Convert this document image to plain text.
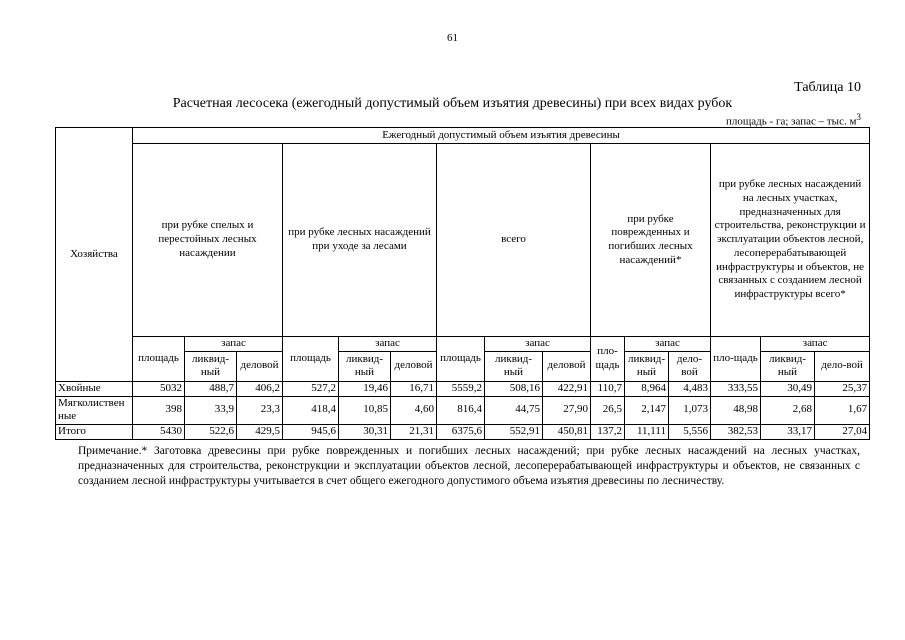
61
Таблица 10
Расчетная лесосека (ежегодный допустимый объем изъятия древесины) при всех видах рубок
площадь - га; запас – тыс. $м^3$
Хозяйства	Ежегодный допустимый объем изъятия древесины														
	при рубке спелых и перестойных лесных насаждении			при рубке лесных насаждений при уходе за лесами			всего			при рубке поврежденных и погибших лесных насаждений*			при рубке лесных насаждений на лесных участках, предназначенных для строительства, реконструкции и эксплуатации объектов лесной, лесоперерабатывающей инфраструктуры и объектов, не связанных с созданием лесной инфраструктуры всего*		
	площадь	запас		площадь	запас		площадь	запас		пло-щадь	запас		пло-щадь	запас	
		ликвид-ный	деловой		ликвид-ный	деловой		ликвид-ный	деловой		ликвид-ный	дело-вой		ликвид-ный	дело-вой
Хвойные	5032	488,7	406,2	527,2	19,46	16,71	5559,2	508,16	422,91	110,7	8,964	4,483	333,55	30,49	25,37
Мягколиственные	398	33,9	23,3	418,4	10,85	4,60	816,4	44,75	27,90	26,5	2,147	1,073	48,98	2,68	1,67
Итого	5430	522,6	429,5	945,6	30,31	21,31	6375,6	552,91	450,81	137,2	11,111	5,556	382,53	33,17	27,04
Примечание.* Заготовка древесины при рубке поврежденных и погибших лесных насаждений; при рубке лесных насаждений на лесных участках, предназначенных для строительства, реконструкции и эксплуатации объектов лесной, лесоперерабатывающей инфраструктуры и объектов, не связанных с созданием лесной инфраструктуры учитывается в счет общего ежегодного допустимого объема изъятия древесины по лесничеству.
